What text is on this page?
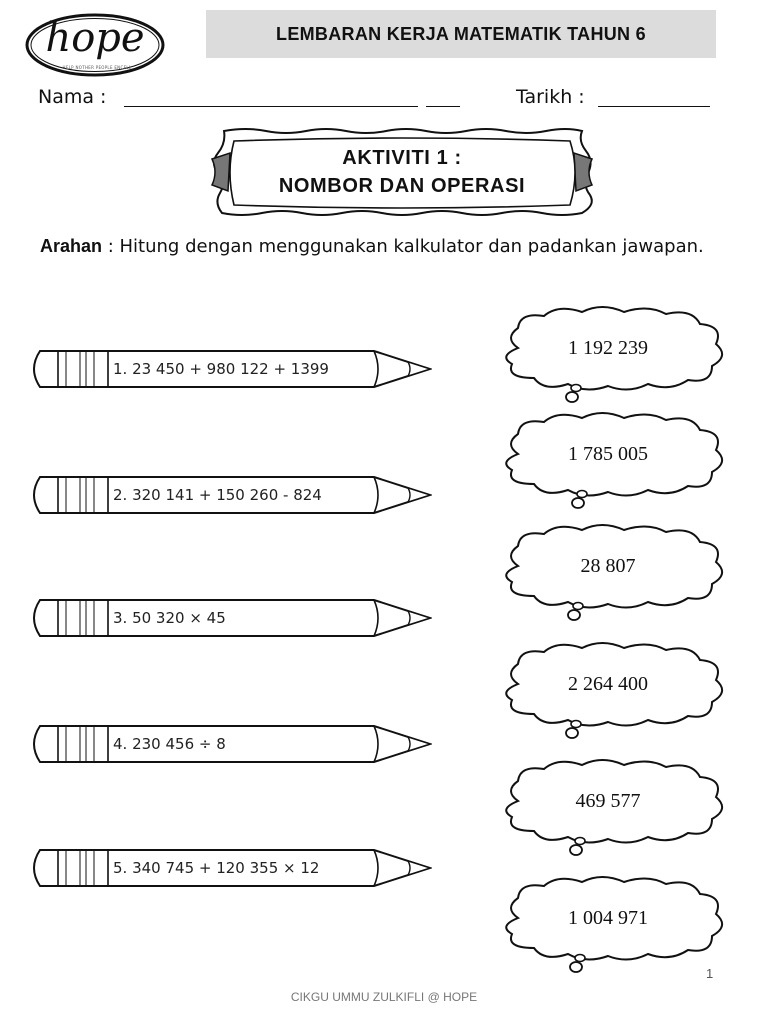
hope
HELP NOTHER PEOPLE ENCELL
LEMBARAN KERJA MATEMATIK TAHUN 6
Nama :	Tarikh :
AKTIVITI 1 :
NOMBOR DAN OPERASI
Arahan : Hitung dengan menggunakan kalkulator dan padankan jawapan.
1. 23 450 + 980 122 + 1399
2. 320 141 + 150 260 - 824
3. 50 320 × 45
4. 230 456 ÷ 8
5. 340 745 + 120 355 × 12
1 192 239
1 785 005
28 807
2 264 400
469 577
1 004 971
1
CIKGU UMMU ZULKIFLI @ HOPE
